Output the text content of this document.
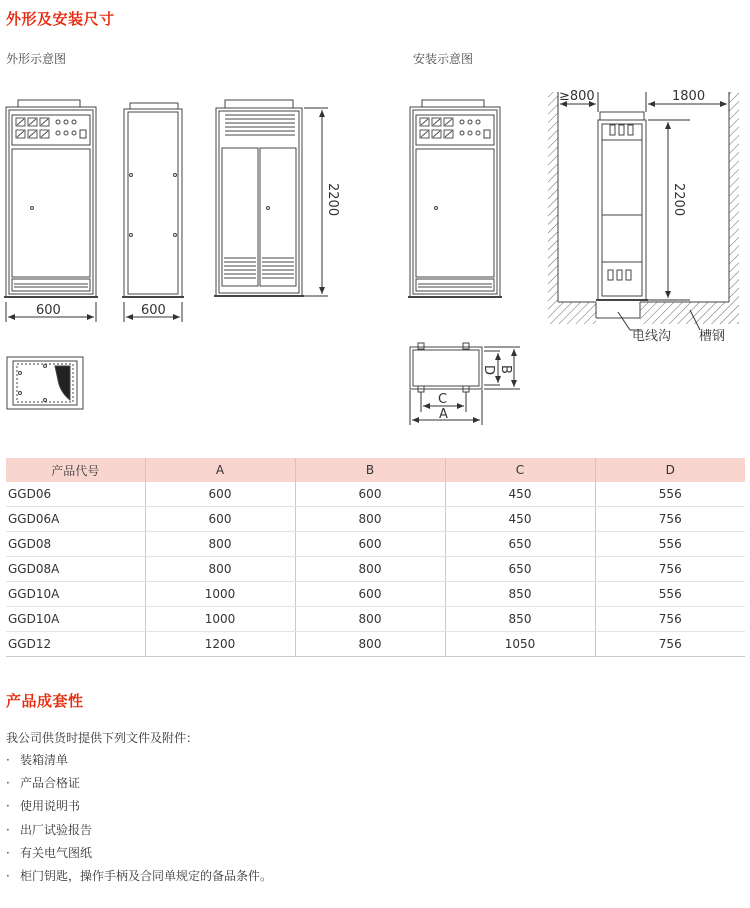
外形及安装尺寸
外形示意图	安装示意图
600	600
2200
≥800	1800
2200
电线沟 槽钢
D B
C
A
产品代号	A	B	C	D
GGD06	600	600	450	556
GGD06A	600	800	450	756
GGD08	800	600	650	556
GGD08A	800	800	650	756
GGD10A	1000	600	850	556
GGD10A	1000	800	850	756
GGD12	1200	800	1050	756
产品成套性
我公司供货时提供下列文件及附件：
· 装箱清单
· 产品合格证
· 使用说明书
· 出厂试验报告
· 有关电气图纸
· 柜门钥匙，操作手柄及合同单规定的备品条件。
